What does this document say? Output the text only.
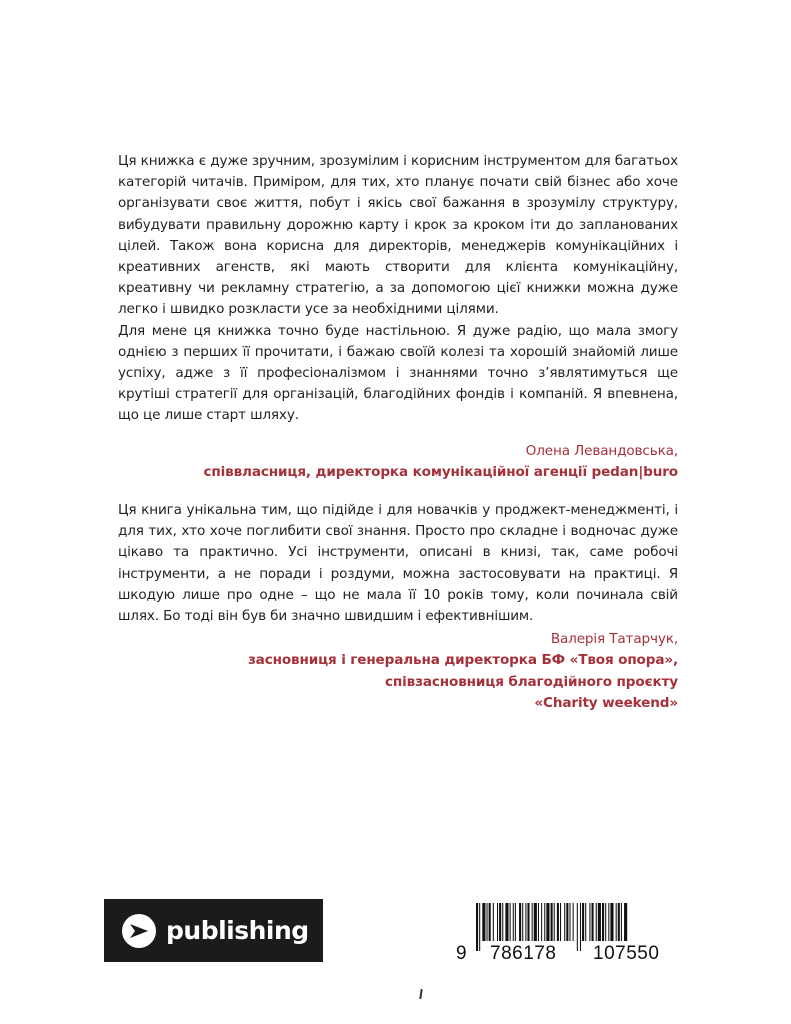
Ця книжка є дуже зручним, зрозумілим і корисним інструментом для багатьох категорій читачів. Приміром, для тих, хто планує почати свій бізнес або хоче організувати своє життя, побут і якісь свої бажання в зрозумілу структуру, вибудувати правильну дорожню карту і крок за кроком іти до запланованих цілей. Також вона корисна для директорів, менеджерів комунікаційних і креативних агенств, які мають створити для клієнта комунікаційну, креативну чи рекламну стратегію, а за допомогою цієї книжки можна дуже легко і швидко розкласти усе за необхідними цілями.

Для мене ця книжка точно буде настільною. Я дуже радію, що мала змогу однією з перших її прочитати, і бажаю своїй колезі та хорошій знайомій лише успіху, адже з її професіоналізмом і знаннями точно з’являтимуться ще крутіші стратегії для організацій, благодійних фондів і компаній. Я впевнена, що це лише старт шляху.

Олена Левандовська,
співвласниця, директорка комунікаційної агенції pedan|buro

Ця книга унікальна тим, що підійде і для новачків у проджект-менеджменті, і для тих, хто хоче поглибити свої знання. Просто про складне і водночас дуже цікаво та практично. Усі інструменти, описані в книзі, так, саме робочі інструменти, а не поради і роздуми, можна застосовувати на практиці. Я шкодую лише про одне – що не мала її 10 років тому, коли починала свій шлях. Бо тоді він був би значно швидшим і ефективнішим.

Валерія Татарчук,
засновниця і генеральна директорка БФ «Твоя опора»,
співзасновниця благодійного проєкту
«Charity weekend»
publishing
9 786178 107550
